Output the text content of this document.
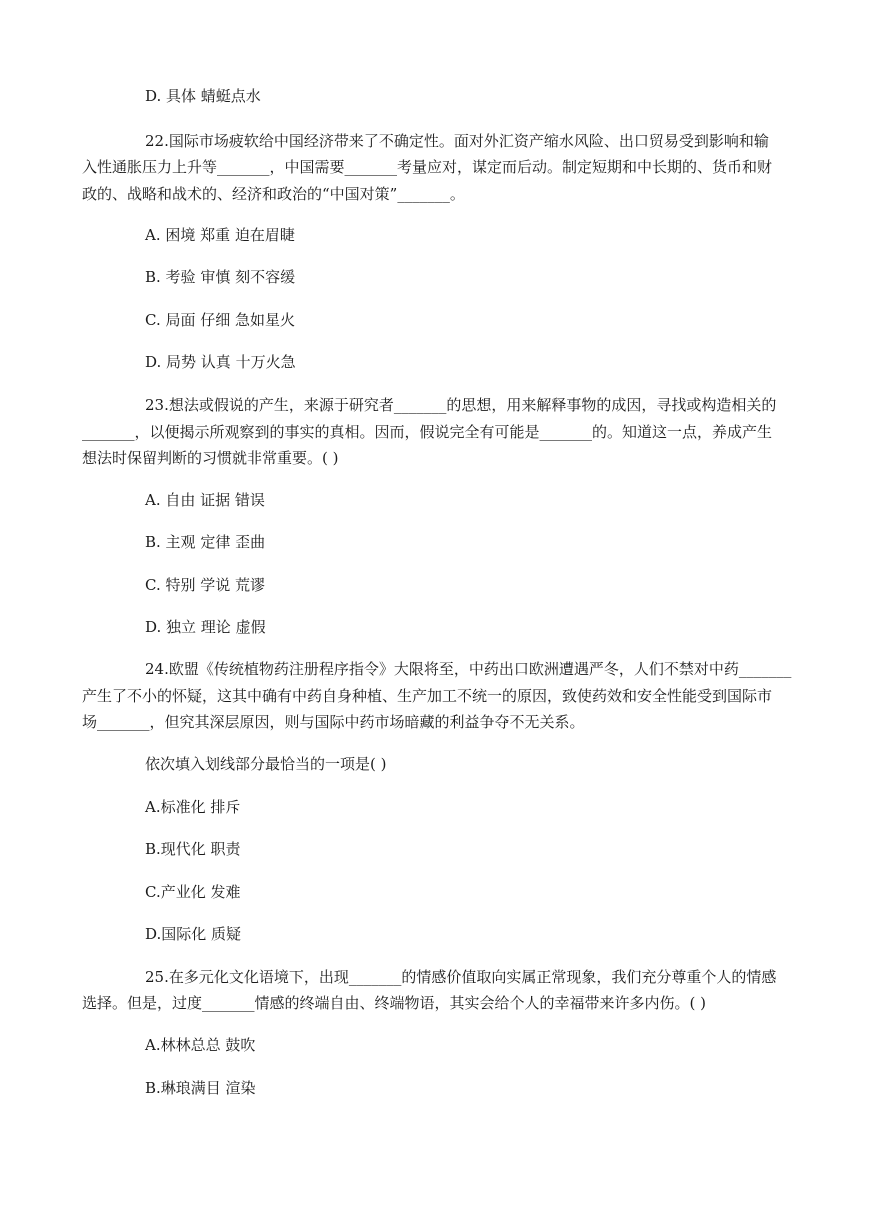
D. 具体 蜻蜓点水
22.国际市场疲软给中国经济带来了不确定性。面对外汇资产缩水风险、出口贸易受到影响和输
入性通胀压力上升等_______，中国需要_______考量应对，谋定而后动。制定短期和中长期的、货币和财
政的、战略和战术的、经济和政治的“中国对策”_______。
A. 困境 郑重 迫在眉睫
B. 考验 审慎 刻不容缓
C. 局面 仔细 急如星火
D. 局势 认真 十万火急
23.想法或假说的产生，来源于研究者_______的思想，用来解释事物的成因，寻找或构造相关的
_______，以便揭示所观察到的事实的真相。因而，假说完全有可能是_______的。知道这一点，养成产生
想法时保留判断的习惯就非常重要。( )
A. 自由 证据 错误
B. 主观 定律 歪曲
C. 特别 学说 荒谬
D. 独立 理论 虚假
24.欧盟《传统植物药注册程序指令》大限将至，中药出口欧洲遭遇严冬，人们不禁对中药_______
产生了不小的怀疑，这其中确有中药自身种植、生产加工不统一的原因，致使药效和安全性能受到国际市
场_______，但究其深层原因，则与国际中药市场暗藏的利益争夺不无关系。
依次填入划线部分最恰当的一项是( )
A.标准化 排斥
B.现代化 职责
C.产业化 发难
D.国际化 质疑
25.在多元化文化语境下，出现_______的情感价值取向实属正常现象，我们充分尊重个人的情感
选择。但是，过度_______情感的终端自由、终端物语，其实会给个人的幸福带来许多内伤。( )
A.林林总总 鼓吹
B.琳琅满目 渲染
